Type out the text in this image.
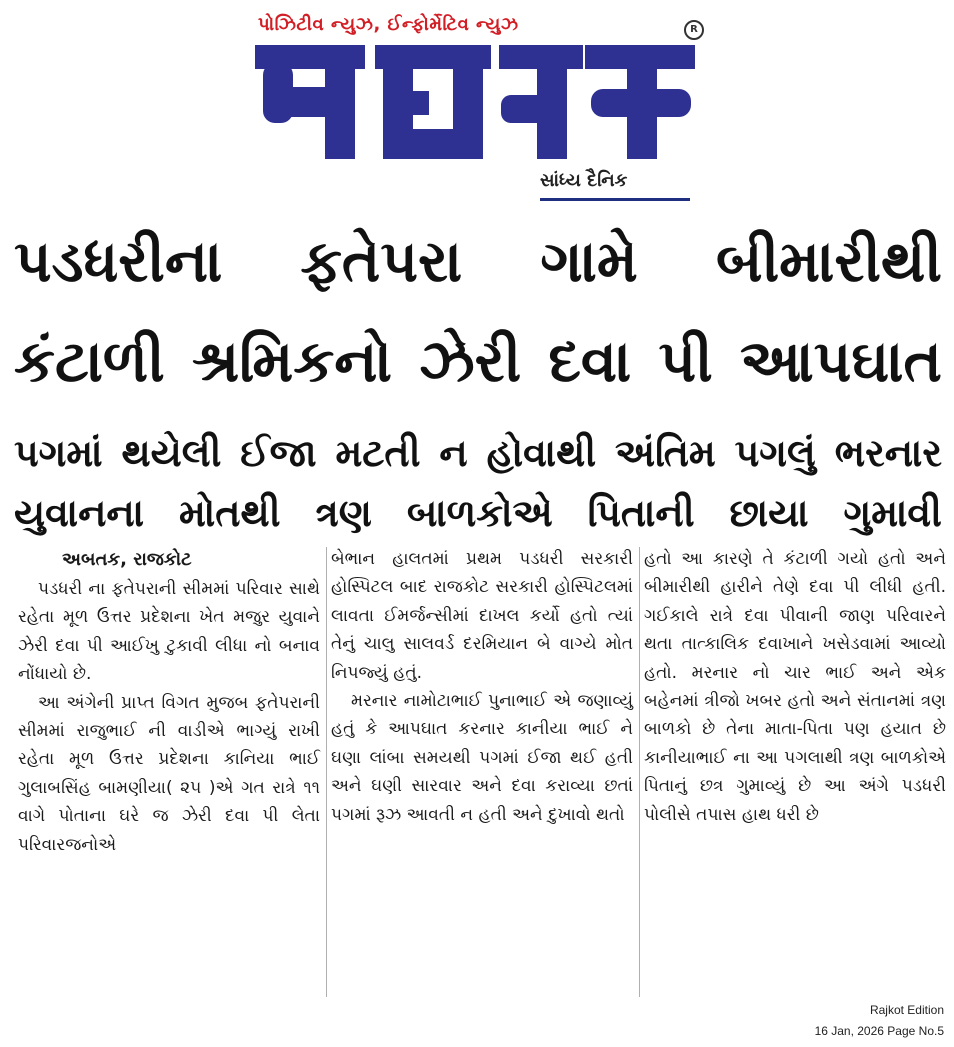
પોઝિટીવ ન્યુઝ, ઈન્ફોર્મેટિવ ન્યુઝ	R
સાંધ્ય દૈનિક
પડધરીના ફતેપરા ગામે બીમારીથી
કંટાળી શ્રમિકનો ઝેરી દવા પી આપઘાત
પગમાં થયેલી ઈજા મટતી ન હોવાથી અંતિમ પગલું ભરનાર
યુવાનના મોતથી ત્રણ બાળકોએ પિતાની છાયા ગુમાવી
અબતક, રાજકોટ

પડધરી ના ફતેપરાની સીમમાં પરિવાર સાથે રહેતા મૂળ ઉત્તર પ્રદેશના ખેત મજુર યુવાને ઝેરી દવા પી આઈખુ ટુકાવી લીધા નો બનાવ નોંધાયો છે.

આ અંગેની પ્રાપ્ત વિગત મુજબ ફતેપરાની સીમમાં રાજુભાઈ ની વાડીએ ભાગ્યું રાખી રહેતા મૂળ ઉત્તર પ્રદેશના કાનિયા ભાઈ ગુલાબસિંહ બામણીયા( ૨૫ )એ ગત રાત્રે ૧૧ વાગે પોતાના ઘરે જ ઝેરી દવા પી લેતા પરિવારજનોએ

બેભાન હાલતમાં પ્રથમ પડધરી સરકારી હોસ્પિટલ બાદ રાજકોટ સરકારી હોસ્પિટલમાં લાવતા ઈમર્જન્સીમાં દાખલ કર્યો હતો ત્યાં તેનું ચાલુ સાલવર્ડ દરમિયાન બે વાગ્યે મોત નિપજ્યું હતું.

મરનાર નામોટાભાઈ પુનાભાઈ એ જણાવ્યું હતું કે આપઘાત કરનાર કાનીયા ભાઈ ને ઘણા લાંબા સમયથી પગમાં ઈજા થઈ હતી અને ઘણી સારવાર અને દવા કરાવ્યા છતાં પગમાં રૂઝ આવતી ન હતી અને દુખાવો થતો

હતો આ કારણે તે કંટાળી ગયો હતો અને બીમારીથી હારીને તેણે દવા પી લીધી હતી. ગઈકાલે રાત્રે દવા પીવાની જાણ પરિવારને થતા તાત્કાલિક દવાખાને ખસેડવામાં આવ્યો હતો. મરનાર નો ચાર ભાઈ અને એક બહેનમાં ત્રીજો ખબર હતો અને સંતાનમાં ત્રણ બાળકો છે તેના માતા-પિતા પણ હયાત છે કાનીયાભાઈ ના આ પગલાથી ત્રણ બાળકોએ પિતાનું છત્ર ગુમાવ્યું છે આ અંગે પડધરી પોલીસે તપાસ હાથ ધરી છે

Rajkot Edition
16 Jan, 2026 Page No.5
